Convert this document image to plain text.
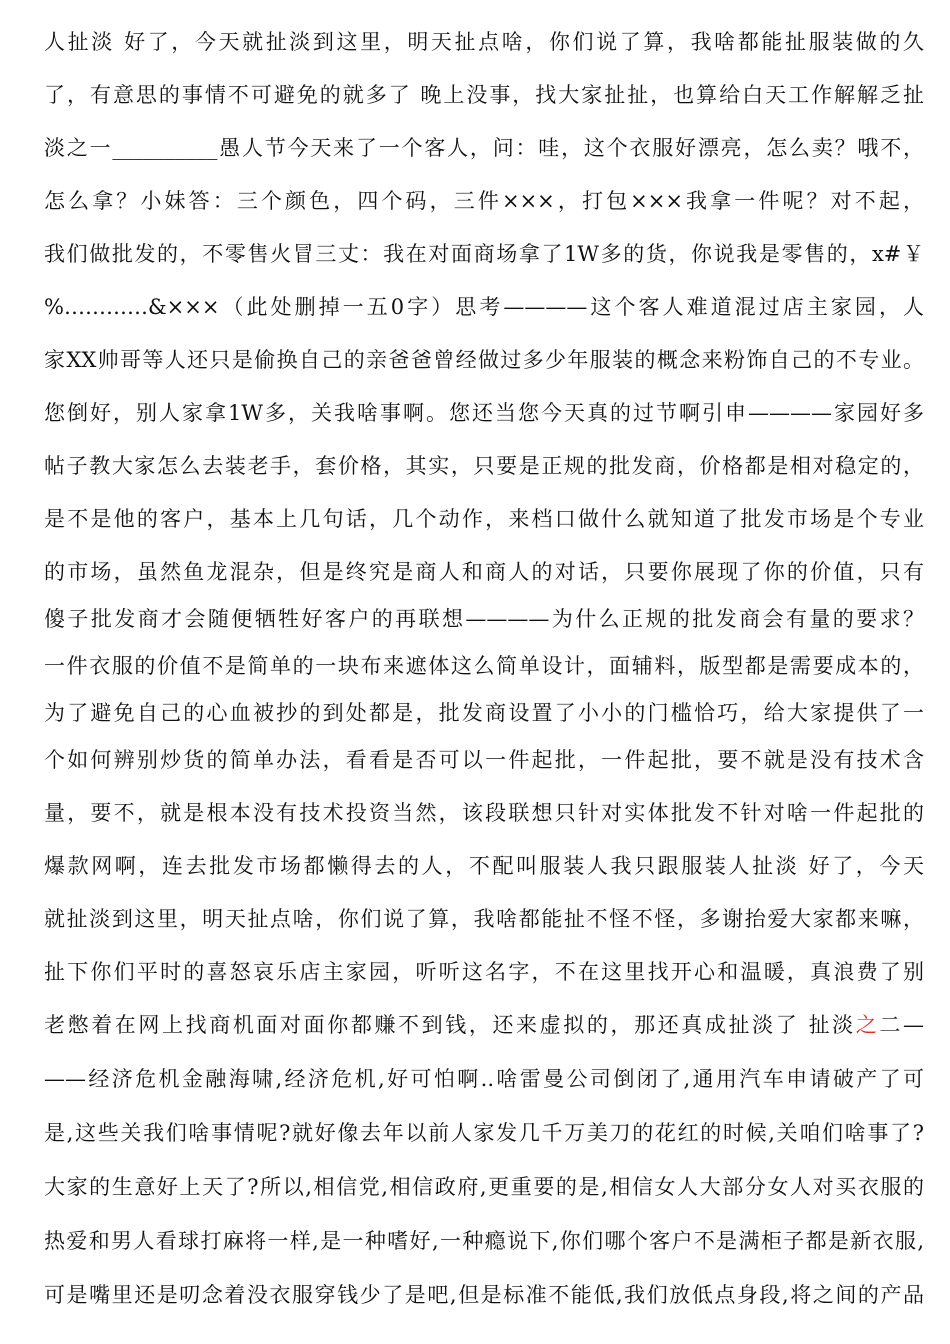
人扯淡 好了，今天就扯淡到这里，明天扯点啥，你们说了算，我啥都能扯服装做的久
了，有意思的事情不可避免的就多了 晚上没事，找大家扯扯，也算给白天工作解解乏扯
淡之一__________愚人节今天来了一个客人，问：哇，这个衣服好漂亮，怎么卖？哦不，
怎么拿？小妹答：三个颜色，四个码，三件×××，打包×××我拿一件呢？对不起，
我们做批发的，不零售火冒三丈：我在对面商场拿了1W多的货，你说我是零售的，x#￥
%…………&×××（此处删掉一五0字）思考————这个客人难道混过店主家园，人
家XX帅哥等人还只是偷换自己的亲爸爸曾经做过多少年服装的概念来粉饰自己的不专业。
您倒好，别人家拿1W多，关我啥事啊。您还当您今天真的过节啊引申————家园好多
帖子教大家怎么去装老手，套价格，其实，只要是正规的批发商，价格都是相对稳定的，
是不是他的客户，基本上几句话，几个动作，来档口做什么就知道了批发市场是个专业
的市场，虽然鱼龙混杂，但是终究是商人和商人的对话，只要你展现了你的价值，只有
傻子批发商才会随便牺牲好客户的再联想————为什么正规的批发商会有量的要求？
一件衣服的价值不是简单的一块布来遮体这么简单设计，面辅料，版型都是需要成本的，
为了避免自己的心血被抄的到处都是，批发商设置了小小的门槛恰巧，给大家提供了一
个如何辨别炒货的简单办法，看看是否可以一件起批，一件起批，要不就是没有技术含
量，要不，就是根本没有技术投资当然，该段联想只针对实体批发不针对啥一件起批的
爆款网啊，连去批发市场都懒得去的人，不配叫服装人我只跟服装人扯淡 好了，今天
就扯淡到这里，明天扯点啥，你们说了算，我啥都能扯不怪不怪，多谢抬爱大家都来嘛，
扯下你们平时的喜怒哀乐店主家园，听听这名字，不在这里找开心和温暖，真浪费了别
老憋着在网上找商机面对面你都赚不到钱，还来虚拟的，那还真成扯淡了 扯淡之二—
——经济危机金融海啸,经济危机,好可怕啊..啥雷曼公司倒闭了,通用汽车申请破产了可
是,这些关我们啥事情呢?就好像去年以前人家发几千万美刀的花红的时候,关咱们啥事了?
大家的生意好上天了?所以,相信党,相信政府,更重要的是,相信女人大部分女人对买衣服的
热爱和男人看球打麻将一样,是一种嗜好,一种瘾说下,你们哪个客户不是满柜子都是新衣服,
可是嘴里还是叨念着没衣服穿钱少了是吧,但是标准不能低,我们放低点身段,将之间的产品
